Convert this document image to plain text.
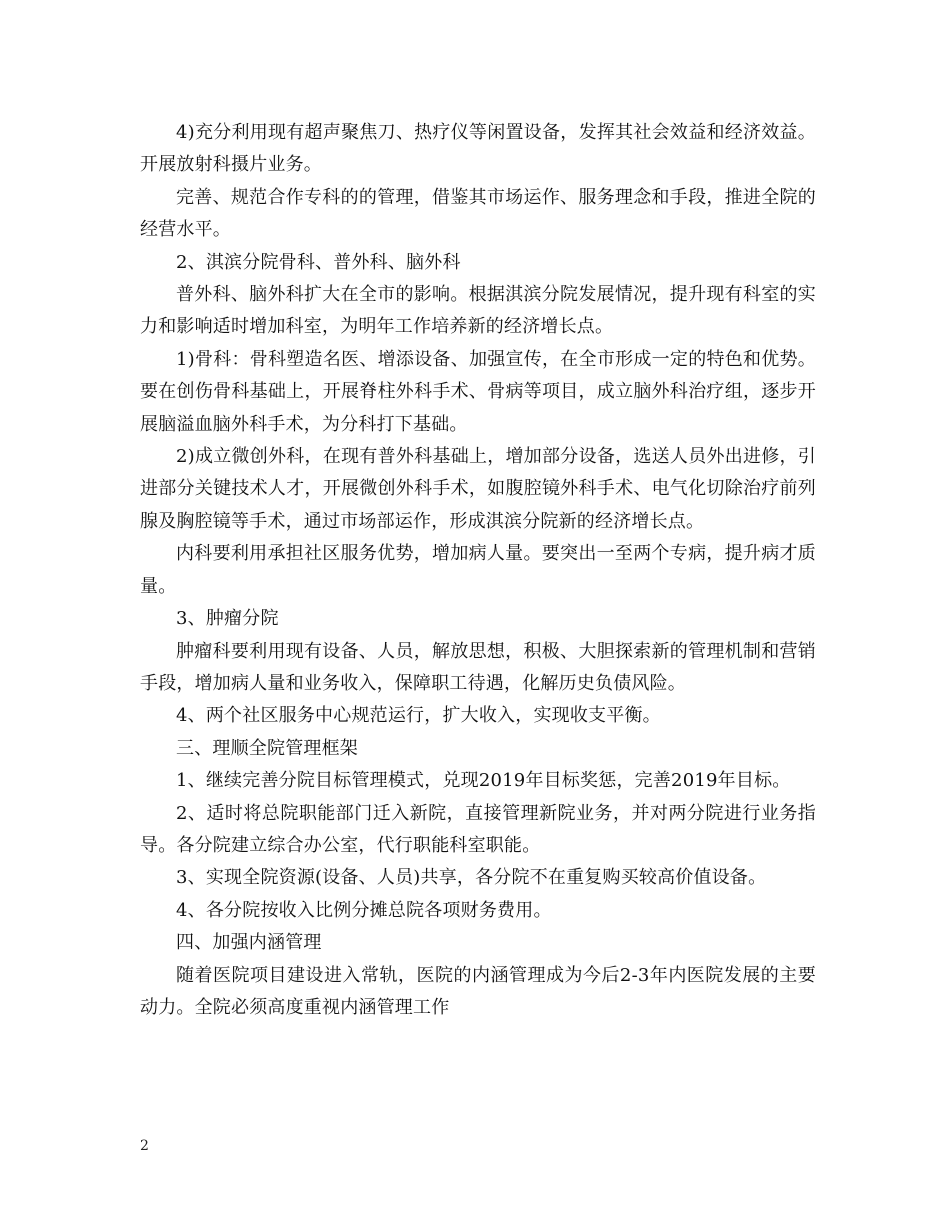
4)充分利用现有超声聚焦刀、热疗仪等闲置设备，发挥其社会效益和经济效益。开展放射科摄片业务。

完善、规范合作专科的的管理，借鉴其市场运作、服务理念和手段，推进全院的经营水平。

2、淇滨分院骨科、普外科、脑外科

普外科、脑外科扩大在全市的影响。根据淇滨分院发展情况，提升现有科室的实力和影响适时增加科室，为明年工作培养新的经济增长点。

1)骨科：骨科塑造名医、增添设备、加强宣传，在全市形成一定的特色和优势。要在创伤骨科基础上，开展脊柱外科手术、骨病等项目，成立脑外科治疗组，逐步开展脑溢血脑外科手术，为分科打下基础。

2)成立微创外科，在现有普外科基础上，增加部分设备，选送人员外出进修，引进部分关键技术人才，开展微创外科手术，如腹腔镜外科手术、电气化切除治疗前列腺及胸腔镜等手术，通过市场部运作，形成淇滨分院新的经济增长点。

内科要利用承担社区服务优势，增加病人量。要突出一至两个专病，提升病才质量。

3、肿瘤分院

肿瘤科要利用现有设备、人员，解放思想，积极、大胆探索新的管理机制和营销手段，增加病人量和业务收入，保障职工待遇，化解历史负债风险。

4、两个社区服务中心规范运行，扩大收入，实现收支平衡。

三、理顺全院管理框架

1、继续完善分院目标管理模式，兑现2019年目标奖惩，完善2019年目标。

2、适时将总院职能部门迁入新院，直接管理新院业务，并对两分院进行业务指导。各分院建立综合办公室，代行职能科室职能。

3、实现全院资源(设备、人员)共享，各分院不在重复购买较高价值设备。

4、各分院按收入比例分摊总院各项财务费用。

四、加强内涵管理

随着医院项目建设进入常轨，医院的内涵管理成为今后2-3年内医院发展的主要动力。全院必须高度重视内涵管理工作

2
